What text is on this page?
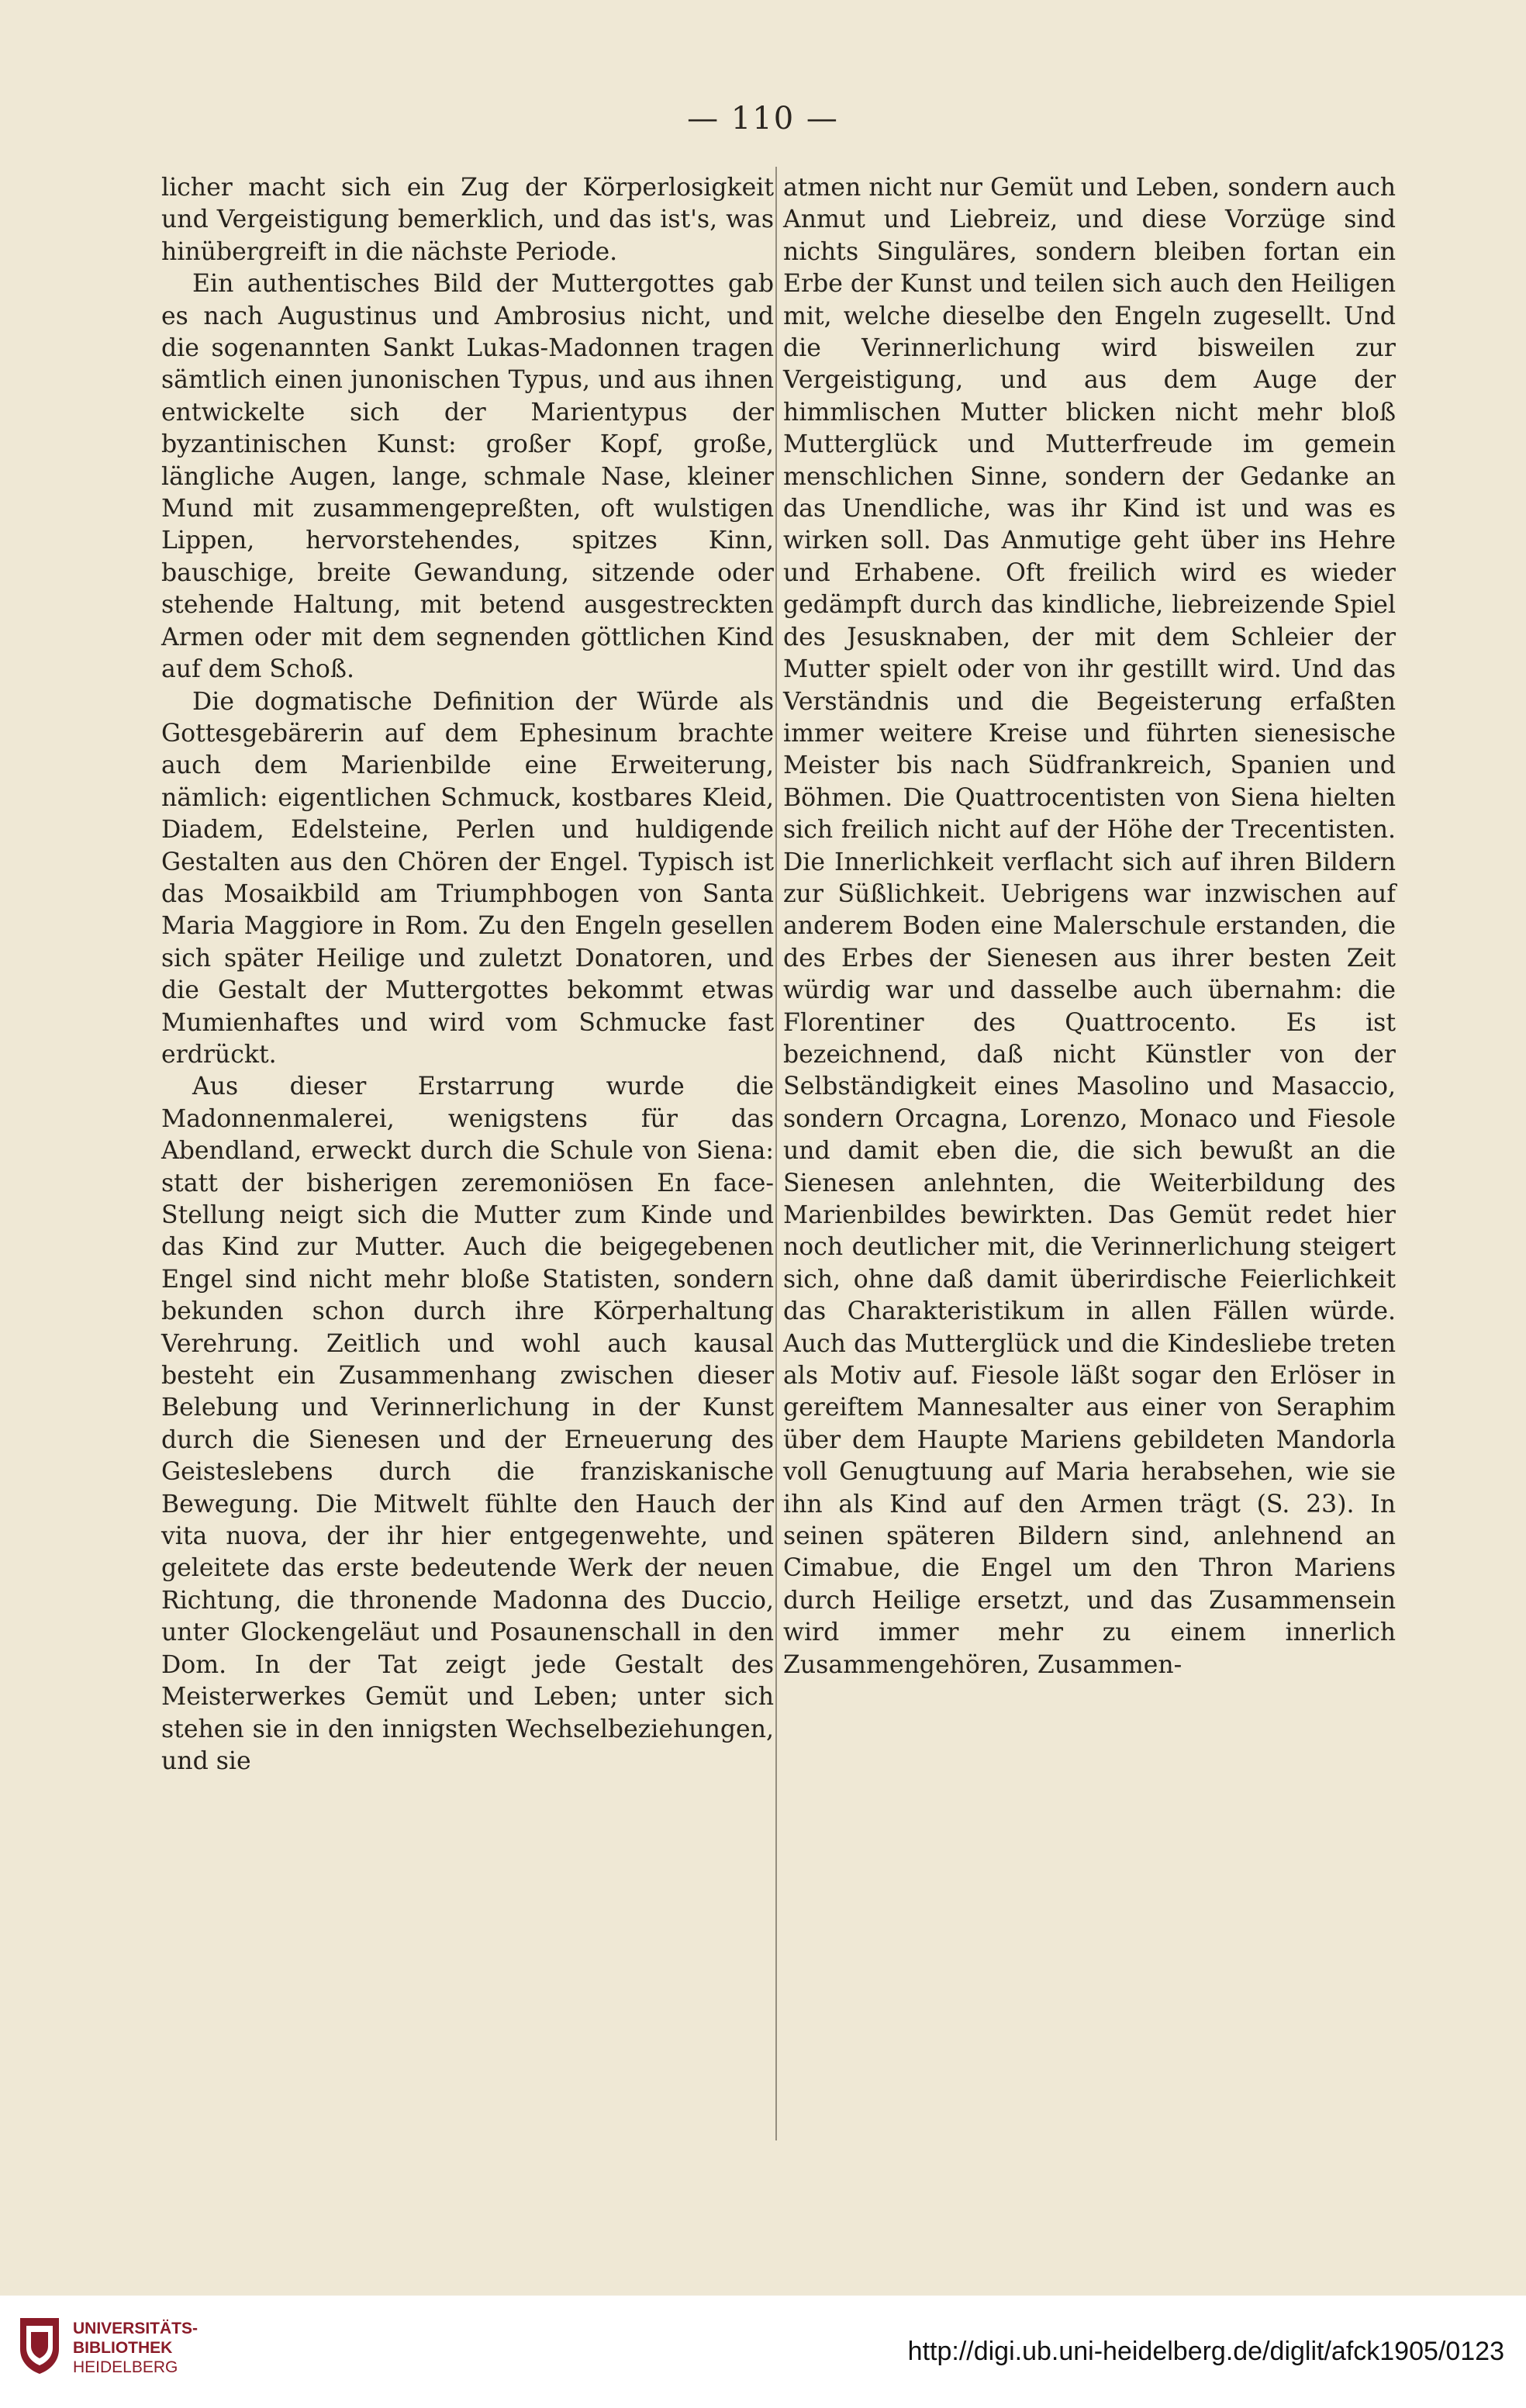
— 110 —

licher macht sich ein Zug der Körperlosigkeit und Vergeistigung bemerklich, und das ist's, was hinübergreift in die nächste Periode.

Ein authentisches Bild der Muttergottes gab es nach Augustinus und Ambrosius nicht, und die sogenannten Sankt Lukas-Madonnen tragen sämtlich einen junonischen Typus, und aus ihnen entwickelte sich der Marientypus der byzantinischen Kunst: großer Kopf, große, längliche Augen, lange, schmale Nase, kleiner Mund mit zusammengepreßten, oft wulstigen Lippen, hervorstehendes, spitzes Kinn, bauschige, breite Gewandung, sitzende oder stehende Haltung, mit betend ausgestreckten Armen oder mit dem segnenden göttlichen Kind auf dem Schoß.

Die dogmatische Definition der Würde als Gottesgebärerin auf dem Ephesinum brachte auch dem Marienbilde eine Erweiterung, nämlich: eigentlichen Schmuck, kostbares Kleid, Diadem, Edelsteine, Perlen und huldigende Gestalten aus den Chören der Engel. Typisch ist das Mosaikbild am Triumphbogen von Santa Maria Maggiore in Rom. Zu den Engeln gesellen sich später Heilige und zuletzt Donatoren, und die Gestalt der Muttergottes bekommt etwas Mumienhaftes und wird vom Schmucke fast erdrückt.

Aus dieser Erstarrung wurde die Madonnenmalerei, wenigstens für das Abendland, erweckt durch die Schule von Siena: statt der bisherigen zeremoniösen En face-Stellung neigt sich die Mutter zum Kinde und das Kind zur Mutter. Auch die beigegebenen Engel sind nicht mehr bloße Statisten, sondern bekunden schon durch ihre Körperhaltung Verehrung. Zeitlich und wohl auch kausal besteht ein Zusammenhang zwischen dieser Belebung und Verinnerlichung in der Kunst durch die Sienesen und der Erneuerung des Geisteslebens durch die franziskanische Bewegung. Die Mitwelt fühlte den Hauch der vita nuova, der ihr hier entgegenwehte, und geleitete das erste bedeutende Werk der neuen Richtung, die thronende Madonna des Duccio, unter Glockengeläut und Posaunenschall in den Dom. In der Tat zeigt jede Gestalt des Meisterwerkes Gemüt und Leben; unter sich stehen sie in den innigsten Wechselbeziehungen, und sie

atmen nicht nur Gemüt und Leben, sondern auch Anmut und Liebreiz, und diese Vorzüge sind nichts Singuläres, sondern bleiben fortan ein Erbe der Kunst und teilen sich auch den Heiligen mit, welche dieselbe den Engeln zugesellt. Und die Verinnerlichung wird bisweilen zur Vergeistigung, und aus dem Auge der himmlischen Mutter blicken nicht mehr bloß Mutterglück und Mutterfreude im gemein menschlichen Sinne, sondern der Gedanke an das Unendliche, was ihr Kind ist und was es wirken soll. Das Anmutige geht über ins Hehre und Erhabene. Oft freilich wird es wieder gedämpft durch das kindliche, liebreizende Spiel des Jesusknaben, der mit dem Schleier der Mutter spielt oder von ihr gestillt wird. Und das Verständnis und die Begeisterung erfaßten immer weitere Kreise und führten sienesische Meister bis nach Südfrankreich, Spanien und Böhmen. Die Quattrocentisten von Siena hielten sich freilich nicht auf der Höhe der Trecentisten. Die Innerlichkeit verflacht sich auf ihren Bildern zur Süßlichkeit. Uebrigens war inzwischen auf anderem Boden eine Malerschule erstanden, die des Erbes der Sienesen aus ihrer besten Zeit würdig war und dasselbe auch übernahm: die Florentiner des Quattrocento. Es ist bezeichnend, daß nicht Künstler von der Selbständigkeit eines Masolino und Masaccio, sondern Orcagna, Lorenzo, Monaco und Fiesole und damit eben die, die sich bewußt an die Sienesen anlehnten, die Weiterbildung des Marienbildes bewirkten. Das Gemüt redet hier noch deutlicher mit, die Verinnerlichung steigert sich, ohne daß damit überirdische Feierlichkeit das Charakteristikum in allen Fällen würde. Auch das Mutterglück und die Kindesliebe treten als Motiv auf. Fiesole läßt sogar den Erlöser in gereiftem Mannesalter aus einer von Seraphim über dem Haupte Mariens gebildeten Mandorla voll Genugtuung auf Maria herabsehen, wie sie ihn als Kind auf den Armen trägt (S. 23). In seinen späteren Bildern sind, anlehnend an Cimabue, die Engel um den Thron Mariens durch Heilige ersetzt, und das Zusammensein wird immer mehr zu einem innerlich Zusammengehören, Zusammen-

UNIVERSITÄTS-
BIBLIOTHEK
HEIDELBERG
http://digi.ub.uni-heidelberg.de/diglit/afck1905/0123
